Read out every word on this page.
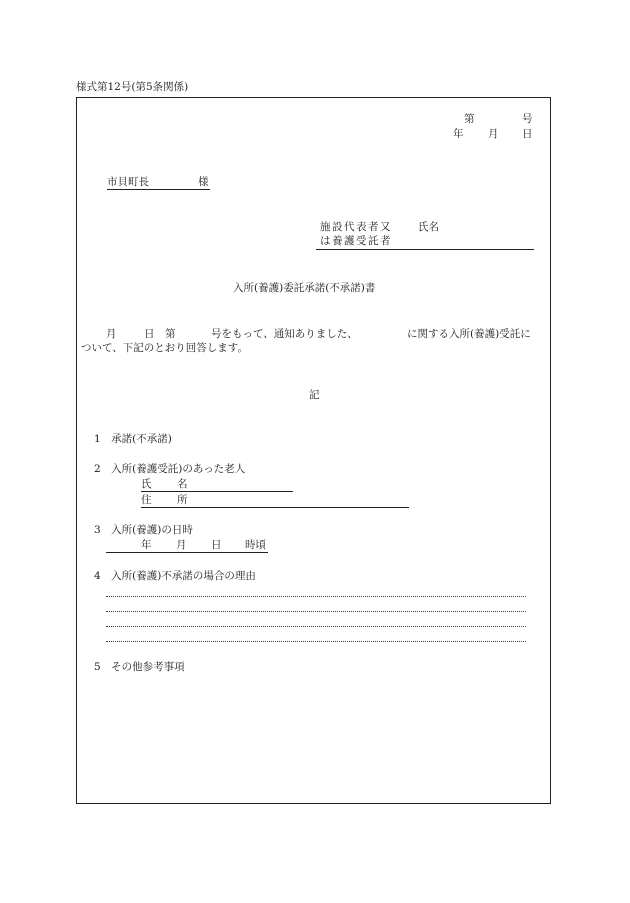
様式第12号(第5条関係)
第	号
年 月 日
市貝町長	様
施設代表者又 氏名
は養護受託者
入所(養護)委託承諾(不承諾)書
月	日 第	号をもって、通知ありました、	に関する入所(養護)受託に
ついて、下記のとおり回答します。
記
1　承諾(不承諾)
2　入所(養護受託)のあった老人
氏 名
住 所
3　入所(養護)の日時
年 月 日 時頃
4　入所(養護)不承諾の場合の理由
5　その他参考事項
